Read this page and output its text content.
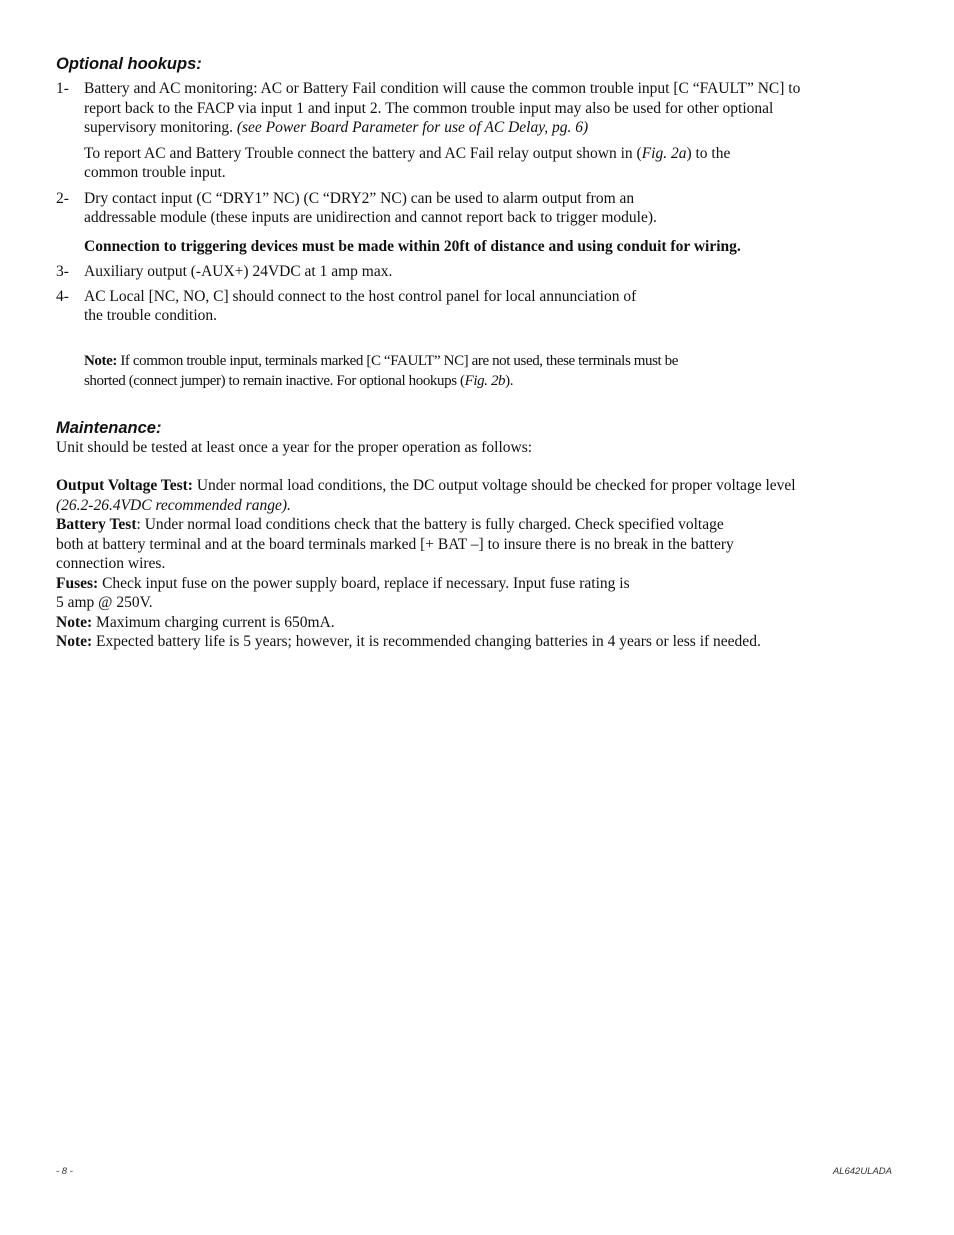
Optional hookups:
1- Battery and AC monitoring: AC or Battery Fail condition will cause the common trouble input [C “FAULT” NC] to
report back to the FACP via input 1 and input 2. The common trouble input may also be used for other optional
supervisory monitoring. (see Power Board Parameter for use of AC Delay, pg. 6)
To report AC and Battery Trouble connect the battery and AC Fail relay output shown in (Fig. 2a) to the
common trouble input.
2- Dry contact input (C “DRY1” NC) (C “DRY2” NC) can be used to alarm output from an
addressable module (these inputs are unidirection and cannot report back to trigger module).
Connection to triggering devices must be made within 20ft of distance and using conduit for wiring.
3- Auxiliary output (-AUX+) 24VDC at 1 amp max.
4- AC Local [NC, NO, C] should connect to the host control panel for local annunciation of
the trouble condition.
Note: If common trouble input, terminals marked [C “FAULT” NC] are not used, these terminals must be
shorted (connect jumper) to remain inactive. For optional hookups (Fig. 2b).
Maintenance:
Unit should be tested at least once a year for the proper operation as follows:
Output Voltage Test: Under normal load conditions, the DC output voltage should be checked for proper voltage level
(26.2-26.4VDC recommended range).
Battery Test: Under normal load conditions check that the battery is fully charged. Check specified voltage
both at battery terminal and at the board terminals marked [+ BAT –] to insure there is no break in the battery
connection wires.
Fuses: Check input fuse on the power supply board, replace if necessary. Input fuse rating is
5 amp @ 250V.
Note: Maximum charging current is 650mA.
Note: Expected battery life is 5 years; however, it is recommended changing batteries in 4 years or less if needed.
- 8 -	AL642ULADA
